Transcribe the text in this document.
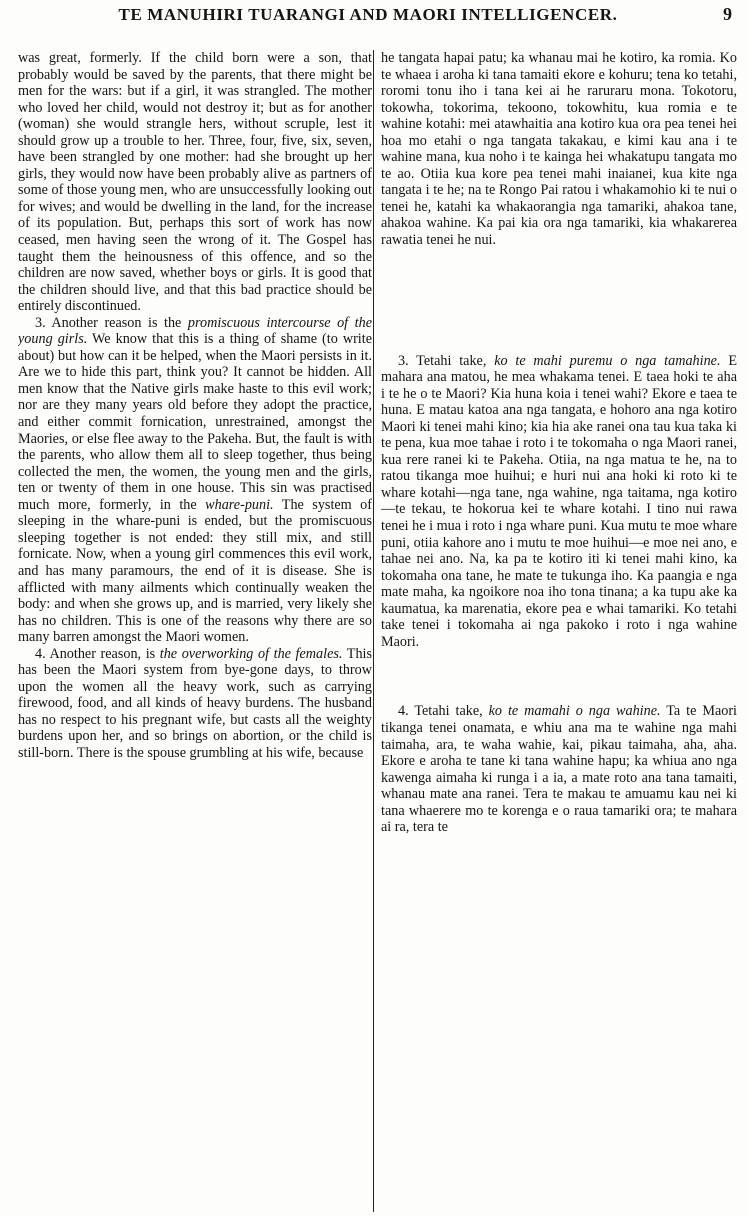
TE MANUHIRI TUARANGI AND MAORI INTELLIGENCER.	9

was great, formerly. If the child born were a son, that probably would be saved by the parents, that there might be men for the wars: but if a girl, it was strangled. The mother who loved her child, would not destroy it; but as for another (woman) she would strangle hers, without scruple, lest it should grow up a trouble to her. Three, four, five, six, seven, have been strangled by one mother: had she brought up her girls, they would now have been probably alive as partners of some of those young men, who are unsuccessfully looking out for wives; and would be dwelling in the land, for the increase of its population. But, perhaps this sort of work has now ceased, men having seen the wrong of it. The Gospel has taught them the heinousness of this offence, and so the children are now saved, whether boys or girls. It is good that the children should live, and that this bad practice should be entirely discontinued.

3. Another reason is the promiscuous intercourse of the young girls. We know that this is a thing of shame (to write about) but how can it be helped, when the Maori persists in it. Are we to hide this part, think you? It cannot be hidden. All men know that the Native girls make haste to this evil work; nor are they many years old before they adopt the practice, and either commit fornication, unrestrained, amongst the Maories, or else flee away to the Pakeha. But, the fault is with the parents, who allow them all to sleep together, thus being collected the men, the women, the young men and the girls, ten or twenty of them in one house. This sin was practised much more, formerly, in the whare-puni. The system of sleeping in the whare-puni is ended, but the promiscuous sleeping together is not ended: they still mix, and still fornicate. Now, when a young girl commences this evil work, and has many paramours, the end of it is disease. She is afflicted with many ailments which continually weaken the body: and when she grows up, and is married, very likely she has no children. This is one of the reasons why there are so many barren amongst the Maori women.

4. Another reason, is the overworking of the females. This has been the Maori system from bye-gone days, to throw upon the women all the heavy work, such as carrying firewood, food, and all kinds of heavy burdens. The husband has no respect to his pregnant wife, but casts all the weighty burdens upon her, and so brings on abortion, or the child is still-born. There is the spouse grumbling at his wife, because

he tangata hapai patu; ka whanau mai he kotiro, ka romia. Ko te whaea i aroha ki tana tamaiti ekore e kohuru; tena ko tetahi, roromi tonu iho i tana kei ai he raruraru mona. Tokotoru, tokowha, tokorima, tekoono, tokowhitu, kua romia e te wahine kotahi: mei atawhaitia ana kotiro kua ora pea tenei hei hoa mo etahi o nga tangata takakau, e kimi kau ana i te wahine mana, kua noho i te kainga hei whakatupu tangata mo te ao. Otiia kua kore pea tenei mahi inaianei, kua kite nga tangata i te he; na te Rongo Pai ratou i whakamohio ki te nui o tenei he, katahi ka whakaorangia nga tamariki, ahakoa tane, ahakoa wahine. Ka pai kia ora nga tamariki, kia whakarerea rawatia tenei he nui.

3. Tetahi take, ko te mahi puremu o nga tamahine. E mahara ana matou, he mea whakama tenei. E taea hoki te aha i te he o te Maori? Kia huna koia i tenei wahi? Ekore e taea te huna. E matau katoa ana nga tangata, e hohoro ana nga kotiro Maori ki tenei mahi kino; kia hia ake ranei ona tau kua taka ki te pena, kua moe tahae i roto i te tokomaha o nga Maori ranei, kua rere ranei ki te Pakeha. Otiia, na nga matua te he, na to ratou tikanga moe huihui; e huri nui ana hoki ki roto ki te whare kotahi—nga tane, nga wahine, nga taitama, nga kotiro—te tekau, te hokorua kei te whare kotahi. I tino nui rawa tenei he i mua i roto i nga whare puni. Kua mutu te moe whare puni, otiia kahore ano i mutu te moe huihui—e moe nei ano, e tahae nei ano. Na, ka pa te kotiro iti ki tenei mahi kino, ka tokomaha ona tane, he mate te tukunga iho. Ka paangia e nga mate maha, ka ngoikore noa iho tona tinana; a ka tupu ake ka kaumatua, ka marenatia, ekore pea e whai tamariki. Ko tetahi take tenei i tokomaha ai nga pakoko i roto i nga wahine Maori.

4. Tetahi take, ko te mamahi o nga wahine. Ta te Maori tikanga tenei onamata, e whiu ana ma te wahine nga mahi taimaha, ara, te waha wahie, kai, pikau taimaha, aha, aha. Ekore e aroha te tane ki tana wahine hapu; ka whiua ano nga kawenga aimaha ki runga i a ia, a mate roto ana tana tamaiti, whanau mate ana ranei. Tera te makau te amuamu kau nei ki tana whaerere mo te korenga e o raua tamariki ora; te mahara ai ra, tera te
